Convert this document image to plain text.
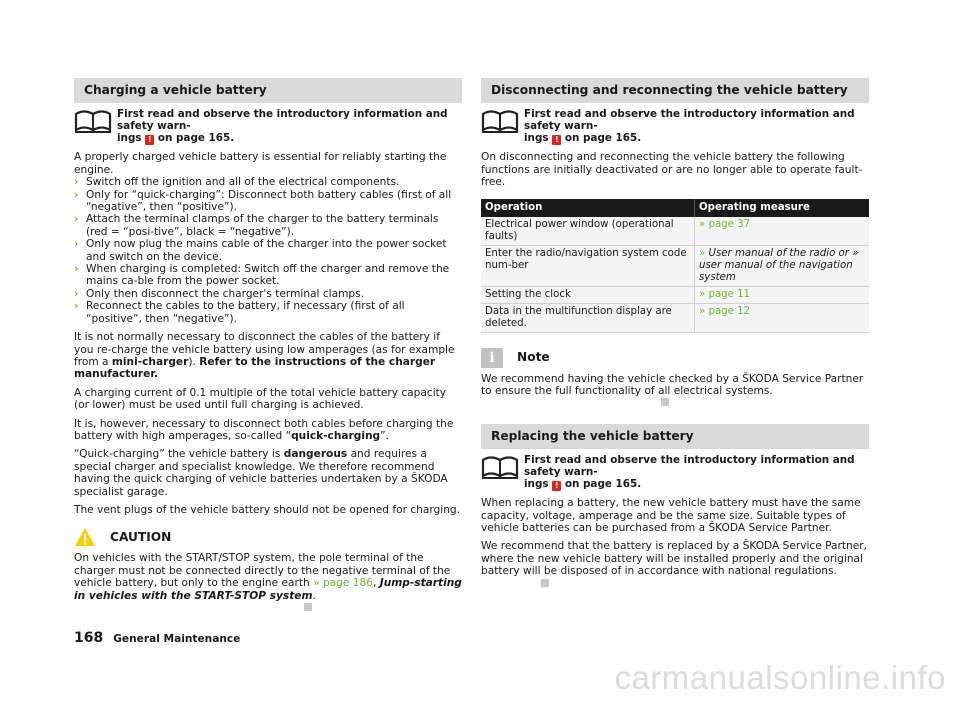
Charging a vehicle battery
First read and observe the introductory information and safety warn-
ings ! on page 165.

A properly charged vehicle battery is essential for reliably starting the engine.

› Switch off the ignition and all of the electrical components.
› Only for “quick-charging”: Disconnect both battery cables (first of all “negative”, then “positive”).
› Attach the terminal clamps of the charger to the battery terminals (red = “posi-tive”, black = “negative”).
› Only now plug the mains cable of the charger into the power socket and switch on the device.
› When charging is completed: Switch off the charger and remove the mains ca-ble from the power socket.
› Only then disconnect the charger's terminal clamps.
› Reconnect the cables to the battery, if necessary (first of all “positive”, then “negative”).

It is not normally necessary to disconnect the cables of the battery if you re-charge the vehicle battery using low amperages (as for example from a mini-charger). Refer to the instructions of the charger manufacturer.

A charging current of 0.1 multiple of the total vehicle battery capacity (or lower) must be used until full charging is achieved.

It is, however, necessary to disconnect both cables before charging the battery with high amperages, so-called “quick-charging”.

“Quick-charging” the vehicle battery is dangerous and requires a special charger and specialist knowledge. We therefore recommend having the quick charging of vehicle batteries undertaken by a ŠKODA specialist garage.

The vent plugs of the vehicle battery should not be opened for charging.

CAUTION

On vehicles with the START/STOP system, the pole terminal of the charger must not be connected directly to the negative terminal of the vehicle battery, but only to the engine earth » page 186, Jump-starting in vehicles with the START-STOP system.

Disconnecting and reconnecting the vehicle battery
First read and observe the introductory information and safety warn-
ings ! on page 165.

On disconnecting and reconnecting the vehicle battery the following functions are initially deactivated or are no longer able to operate fault-free.

Operation	Operating measure
Electrical power window (operational faults)	» page 37
Enter the radio/navigation system code num-ber	» User manual of the radio or » user manual of the navigation system
Setting the clock	» page 11
Data in the multifunction display are deleted.	» page 12
i	Note

We recommend having the vehicle checked by a ŠKODA Service Partner to ensure the full functionality of all electrical systems.

Replacing the vehicle battery
First read and observe the introductory information and safety warn-
ings ! on page 165.

When replacing a battery, the new vehicle battery must have the same capacity, voltage, amperage and be the same size. Suitable types of vehicle batteries can be purchased from a ŠKODA Service Partner.

We recommend that the battery is replaced by a ŠKODA Service Partner, where the new vehicle battery will be installed properly and the original battery will be disposed of in accordance with national regulations.

168 General Maintenance
carmanualsonline.info
